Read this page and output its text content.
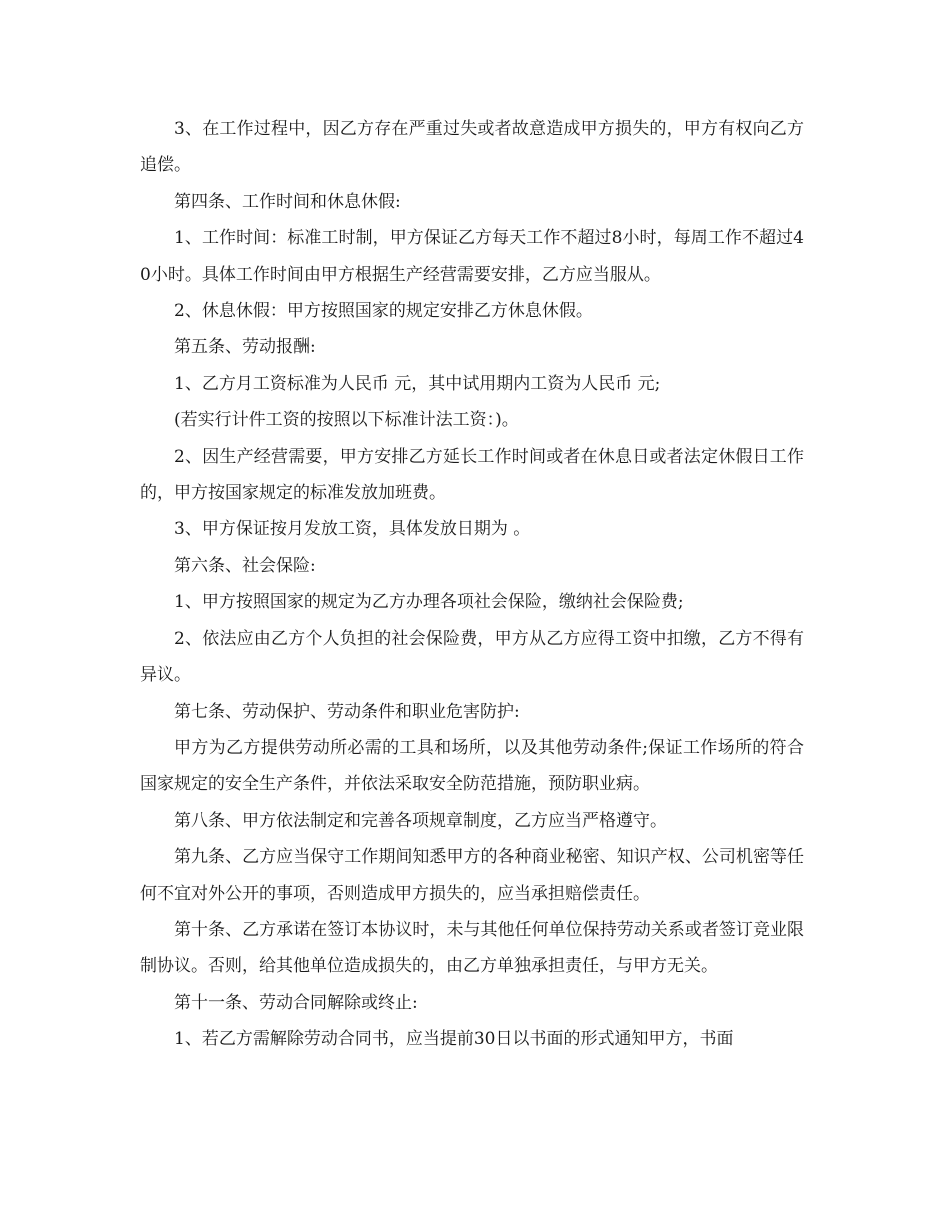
3、在工作过程中，因乙方存在严重过失或者故意造成甲方损失的，甲方有权向乙方追偿。

第四条、工作时间和休息休假:

1、工作时间：标准工时制，甲方保证乙方每天工作不超过8小时，每周工作不超过40小时。具体工作时间由甲方根据生产经营需要安排，乙方应当服从。

2、休息休假：甲方按照国家的规定安排乙方休息休假。

第五条、劳动报酬:

1、乙方月工资标准为人民币 元，其中试用期内工资为人民币 元;

(若实行计件工资的按照以下标准计法工资：)。

2、因生产经营需要，甲方安排乙方延长工作时间或者在休息日或者法定休假日工作的，甲方按国家规定的标准发放加班费。

3、甲方保证按月发放工资，具体发放日期为 。

第六条、社会保险:

1、甲方按照国家的规定为乙方办理各项社会保险，缴纳社会保险费;

2、依法应由乙方个人负担的社会保险费，甲方从乙方应得工资中扣缴，乙方不得有异议。

第七条、劳动保护、劳动条件和职业危害防护:

甲方为乙方提供劳动所必需的工具和场所，以及其他劳动条件;保证工作场所的符合国家规定的安全生产条件，并依法采取安全防范措施，预防职业病。

第八条、甲方依法制定和完善各项规章制度，乙方应当严格遵守。

第九条、乙方应当保守工作期间知悉甲方的各种商业秘密、知识产权、公司机密等任何不宜对外公开的事项，否则造成甲方损失的，应当承担赔偿责任。

第十条、乙方承诺在签订本协议时，未与其他任何单位保持劳动关系或者签订竞业限制协议。否则，给其他单位造成损失的，由乙方单独承担责任，与甲方无关。

第十一条、劳动合同解除或终止:

1、若乙方需解除劳动合同书，应当提前30日以书面的形式通知甲方，书面
